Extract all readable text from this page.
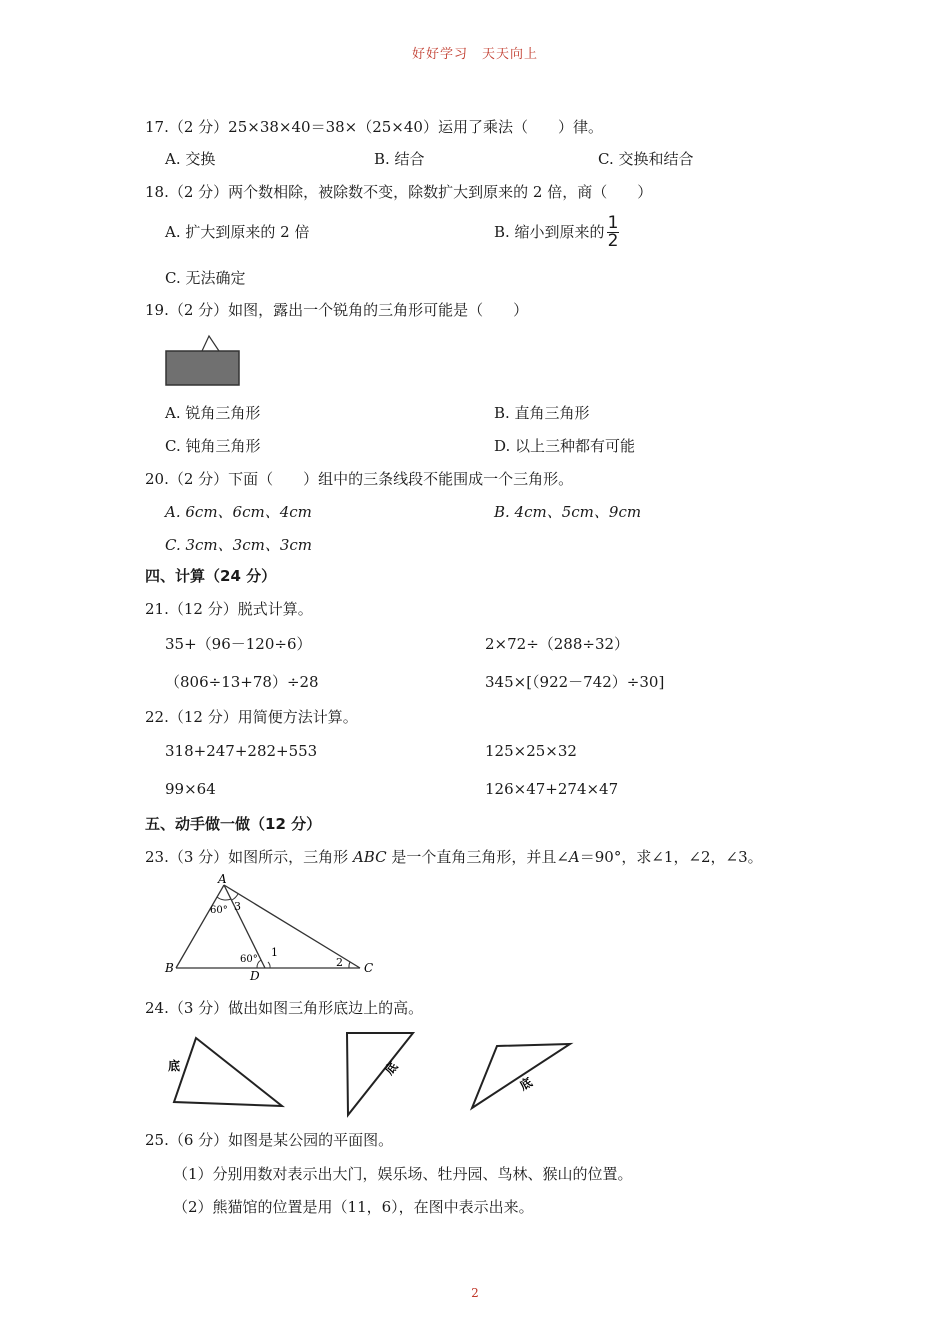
好好学习　天天向上
17.（2 分）25×38×40＝38×（25×40）运用了乘法（　　）律。
A. 交换	B. 结合	C. 交换和结合
18.（2 分）两个数相除，被除数不变，除数扩大到原来的 2 倍，商（　　）
A. 扩大到原来的 2 倍	B. 缩小到原来的 $\frac{1}{2}$
C. 无法确定
19.（2 分）如图，露出一个锐角的三角形可能是（　　）
A. 锐角三角形	B. 直角三角形
C. 钝角三角形	D. 以上三种都有可能
20.（2 分）下面（　　）组中的三条线段不能围成一个三角形。
A. 6cm、6cm、4cm	B. 4cm、5cm、9cm
C. 3cm、3cm、3cm
四、计算（24 分）
21.（12 分）脱式计算。
35+（96－120÷6）	2×72÷（288÷32）
（806÷13+78）÷28	345×[（922－742）÷30]
22.（12 分）用简便方法计算。
318+247+282+553	125×25×32
99×64	126×47+274×47
五、动手做一做（12 分）
23.（3 分）如图所示，三角形 ABC 是一个直角三角形，并且∠A＝90°，求∠1，∠2，∠3。
A
B	C
D
60°
60°
1
2
3
24.（3 分）做出如图三角形底边上的高。
底	底
底
25.（6 分）如图是某公园的平面图。
（1）分别用数对表示出大门，娱乐场、牡丹园、鸟林、猴山的位置。
（2）熊猫馆的位置是用（11，6），在图中表示出来。
2
